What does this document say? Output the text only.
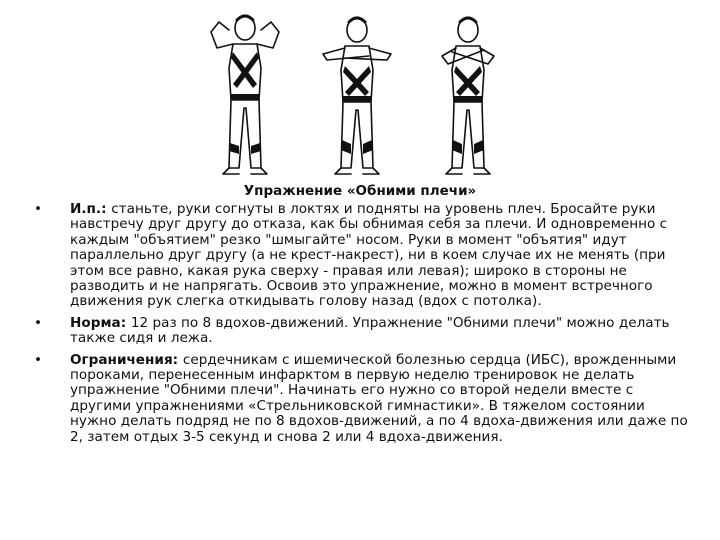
Упражнение «Обними плечи»
• И.п.: станьте, руки согнуты в локтях и подняты на уровень плеч. Бросайте руки навстречу друг другу до отказа, как бы обнимая себя за плечи. И одновременно с каждым "объятием" резко "шмыгайте" носом. Руки в момент "объятия" идут параллельно друг другу (а не крест-накрест), ни в коем случае их не менять (при этом все равно, какая рука сверху - правая или левая); широко в стороны не разводить и не напрягать. Освоив это упражнение, можно в момент встречного движения рук слегка откидывать голову назад (вдох с потолка).
• Норма: 12 раз по 8 вдохов-движений. Упражнение "Обними плечи" можно делать также сидя и лежа.
• Ограничения: сердечникам с ишемической болезнью сердца (ИБС), врожденными пороками, перенесенным инфарктом в первую неделю тренировок не делать упражнение "Обними плечи". Начинать его нужно со второй недели вместе с другими упражнениями «Стрельниковской гимнастики». В тяжелом состоянии нужно делать подряд не по 8 вдохов-движений, а по 4 вдоха-движения или даже по 2, затем отдых 3-5 секунд и снова 2 или 4 вдоха-движения.
